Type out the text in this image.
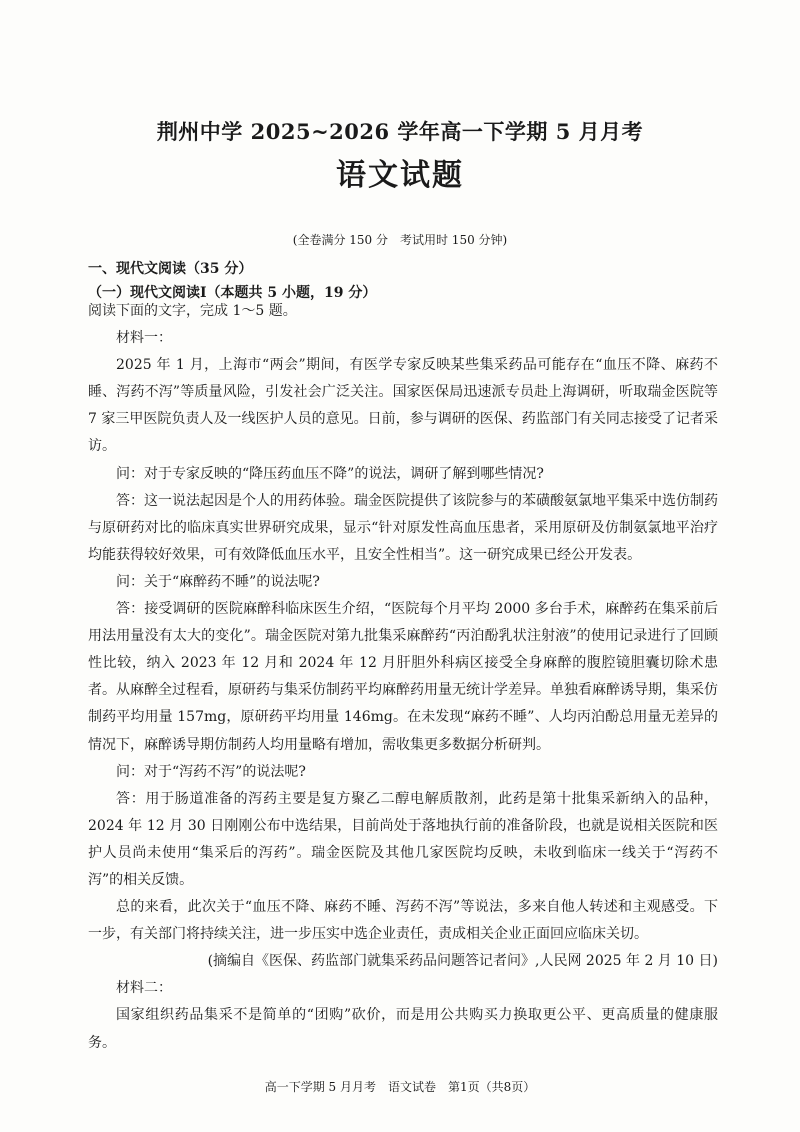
荆州中学 2025~2026 学年高一下学期 5 月月考
语文试题
(全卷满分 150 分　考试用时 150 分钟)
一、现代文阅读（35 分）
（一）现代文阅读Ⅰ（本题共 5 小题，19 分）

阅读下面的文字，完成 1～5 题。

材料一：

2025 年 1 月，上海市“两会”期间，有医学专家反映某些集采药品可能存在“血压不降、麻药不睡、泻药不泻”等质量风险，引发社会广泛关注。国家医保局迅速派专员赴上海调研，听取瑞金医院等 7 家三甲医院负责人及一线医护人员的意见。日前，参与调研的医保、药监部门有关同志接受了记者采访。

问：对于专家反映的“降压药血压不降”的说法，调研了解到哪些情况?

答：这一说法起因是个人的用药体验。瑞金医院提供了该院参与的苯磺酸氨氯地平集采中选仿制药与原研药对比的临床真实世界研究成果，显示“针对原发性高血压患者，采用原研及仿制氨氯地平治疗均能获得较好效果，可有效降低血压水平，且安全性相当”。这一研究成果已经公开发表。

问：关于“麻醉药不睡”的说法呢?

答：接受调研的医院麻醉科临床医生介绍，“医院每个月平均 2000 多台手术，麻醉药在集采前后用法用量没有太大的变化”。瑞金医院对第九批集采麻醉药“丙泊酚乳状注射液”的使用记录进行了回顾性比较，纳入 2023 年 12 月和 2024 年 12 月肝胆外科病区接受全身麻醉的腹腔镜胆囊切除术患者。从麻醉全过程看，原研药与集采仿制药平均麻醉药用量无统计学差异。单独看麻醉诱导期，集采仿制药平均用量 157mg，原研药平均用量 146mg。在未发现“麻药不睡”、人均丙泊酚总用量无差异的情况下，麻醉诱导期仿制药人均用量略有增加，需收集更多数据分析研判。

问：对于“泻药不泻”的说法呢?

答：用于肠道准备的泻药主要是复方聚乙二醇电解质散剂，此药是第十批集采新纳入的品种，2024 年 12 月 30 日刚刚公布中选结果，目前尚处于落地执行前的准备阶段，也就是说相关医院和医护人员尚未使用“集采后的泻药”。瑞金医院及其他几家医院均反映，未收到临床一线关于“泻药不泻”的相关反馈。

总的来看，此次关于“血压不降、麻药不睡、泻药不泻”等说法，多来自他人转述和主观感受。下一步，有关部门将持续关注，进一步压实中选企业责任，责成相关企业正面回应临床关切。

(摘编自《医保、药监部门就集采药品问题答记者问》,人民网 2025 年 2 月 10 日)

材料二：

国家组织药品集采不是简单的“团购”砍价，而是用公共购买力换取更公平、更高质量的健康服务。

高一下学期 5 月月考　语文试卷　第1页（共8页）
